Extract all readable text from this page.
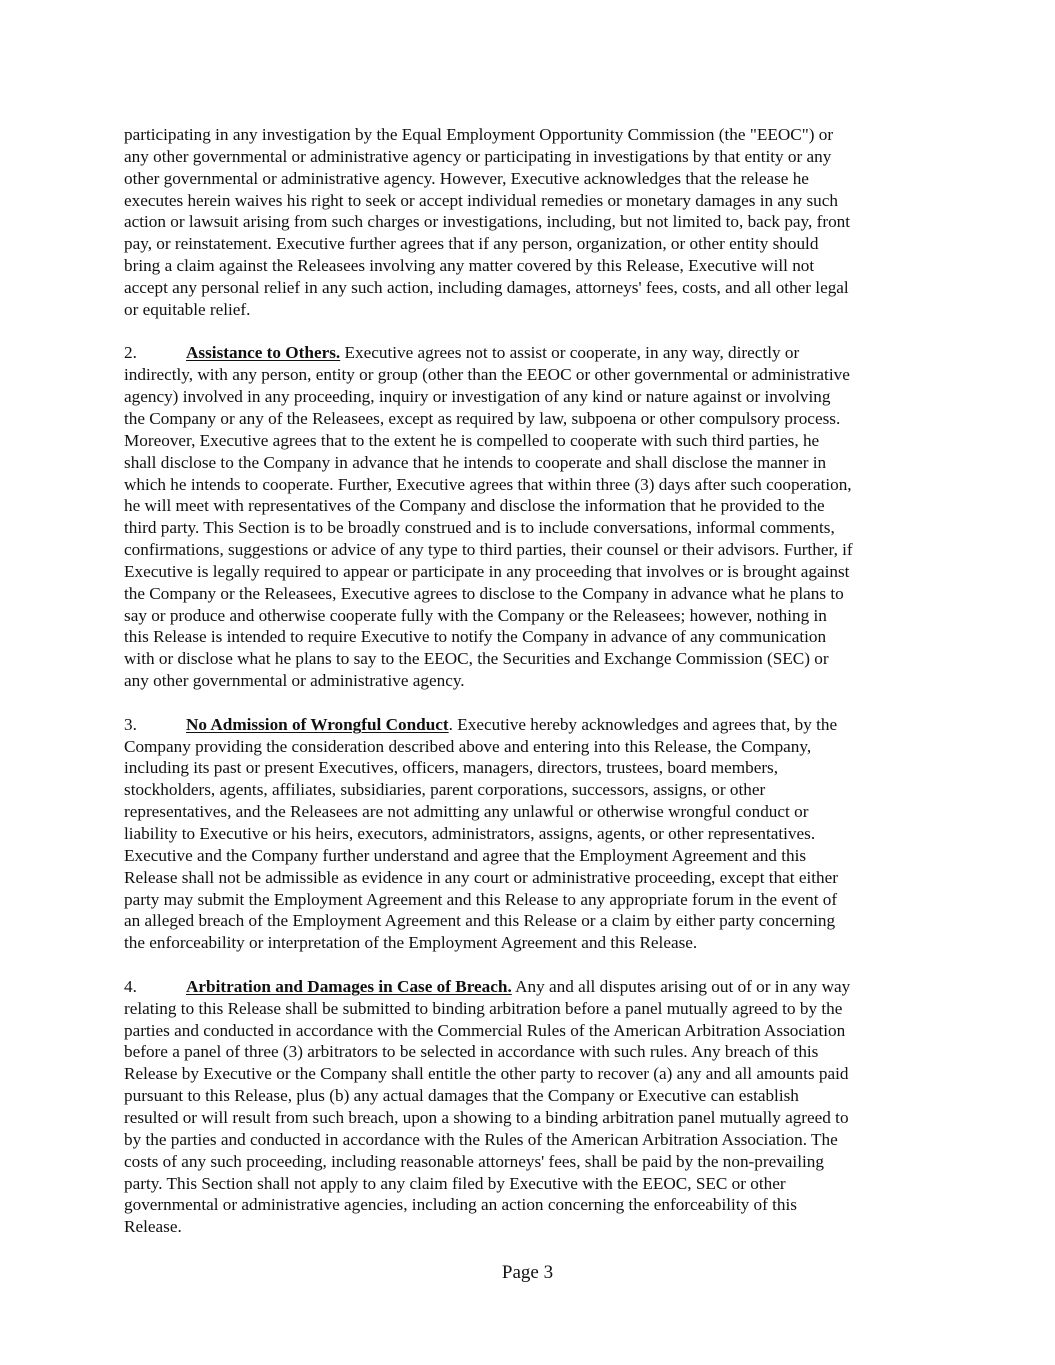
participating in any investigation by the Equal Employment Opportunity Commission (the "EEOC") or
any other governmental or administrative agency or participating in investigations by that entity or any
other governmental or administrative agency. However, Executive acknowledges that the release he
executes herein waives his right to seek or accept individual remedies or monetary damages in any such
action or lawsuit arising from such charges or investigations, including, but not limited to, back pay, front
pay, or reinstatement. Executive further agrees that if any person, organization, or other entity should
bring a claim against the Releasees involving any matter covered by this Release, Executive will not
accept any personal relief in any such action, including damages, attorneys' fees, costs, and all other legal
or equitable relief.
2.	Assistance to Others. Executive agrees not to assist or cooperate, in any way, directly or
indirectly, with any person, entity or group (other than the EEOC or other governmental or administrative
agency) involved in any proceeding, inquiry or investigation of any kind or nature against or involving
the Company or any of the Releasees, except as required by law, subpoena or other compulsory process.
Moreover, Executive agrees that to the extent he is compelled to cooperate with such third parties, he
shall disclose to the Company in advance that he intends to cooperate and shall disclose the manner in
which he intends to cooperate. Further, Executive agrees that within three (3) days after such cooperation,
he will meet with representatives of the Company and disclose the information that he provided to the
third party. This Section is to be broadly construed and is to include conversations, informal comments,
confirmations, suggestions or advice of any type to third parties, their counsel or their advisors. Further, if
Executive is legally required to appear or participate in any proceeding that involves or is brought against
the Company or the Releasees, Executive agrees to disclose to the Company in advance what he plans to
say or produce and otherwise cooperate fully with the Company or the Releasees; however, nothing in
this Release is intended to require Executive to notify the Company in advance of any communication
with or disclose what he plans to say to the EEOC, the Securities and Exchange Commission (SEC) or
any other governmental or administrative agency.
3.	No Admission of Wrongful Conduct. Executive hereby acknowledges and agrees that, by the
Company providing the consideration described above and entering into this Release, the Company,
including its past or present Executives, officers, managers, directors, trustees, board members,
stockholders, agents, affiliates, subsidiaries, parent corporations, successors, assigns, or other
representatives, and the Releasees are not admitting any unlawful or otherwise wrongful conduct or
liability to Executive or his heirs, executors, administrators, assigns, agents, or other representatives.
Executive and the Company further understand and agree that the Employment Agreement and this
Release shall not be admissible as evidence in any court or administrative proceeding, except that either
party may submit the Employment Agreement and this Release to any appropriate forum in the event of
an alleged breach of the Employment Agreement and this Release or a claim by either party concerning
the enforceability or interpretation of the Employment Agreement and this Release.
4.	Arbitration and Damages in Case of Breach. Any and all disputes arising out of or in any way
relating to this Release shall be submitted to binding arbitration before a panel mutually agreed to by the
parties and conducted in accordance with the Commercial Rules of the American Arbitration Association
before a panel of three (3) arbitrators to be selected in accordance with such rules. Any breach of this
Release by Executive or the Company shall entitle the other party to recover (a) any and all amounts paid
pursuant to this Release, plus (b) any actual damages that the Company or Executive can establish
resulted or will result from such breach, upon a showing to a binding arbitration panel mutually agreed to
by the parties and conducted in accordance with the Rules of the American Arbitration Association. The
costs of any such proceeding, including reasonable attorneys' fees, shall be paid by the non-prevailing
party. This Section shall not apply to any claim filed by Executive with the EEOC, SEC or other
governmental or administrative agencies, including an action concerning the enforceability of this
Release.
Page 3
